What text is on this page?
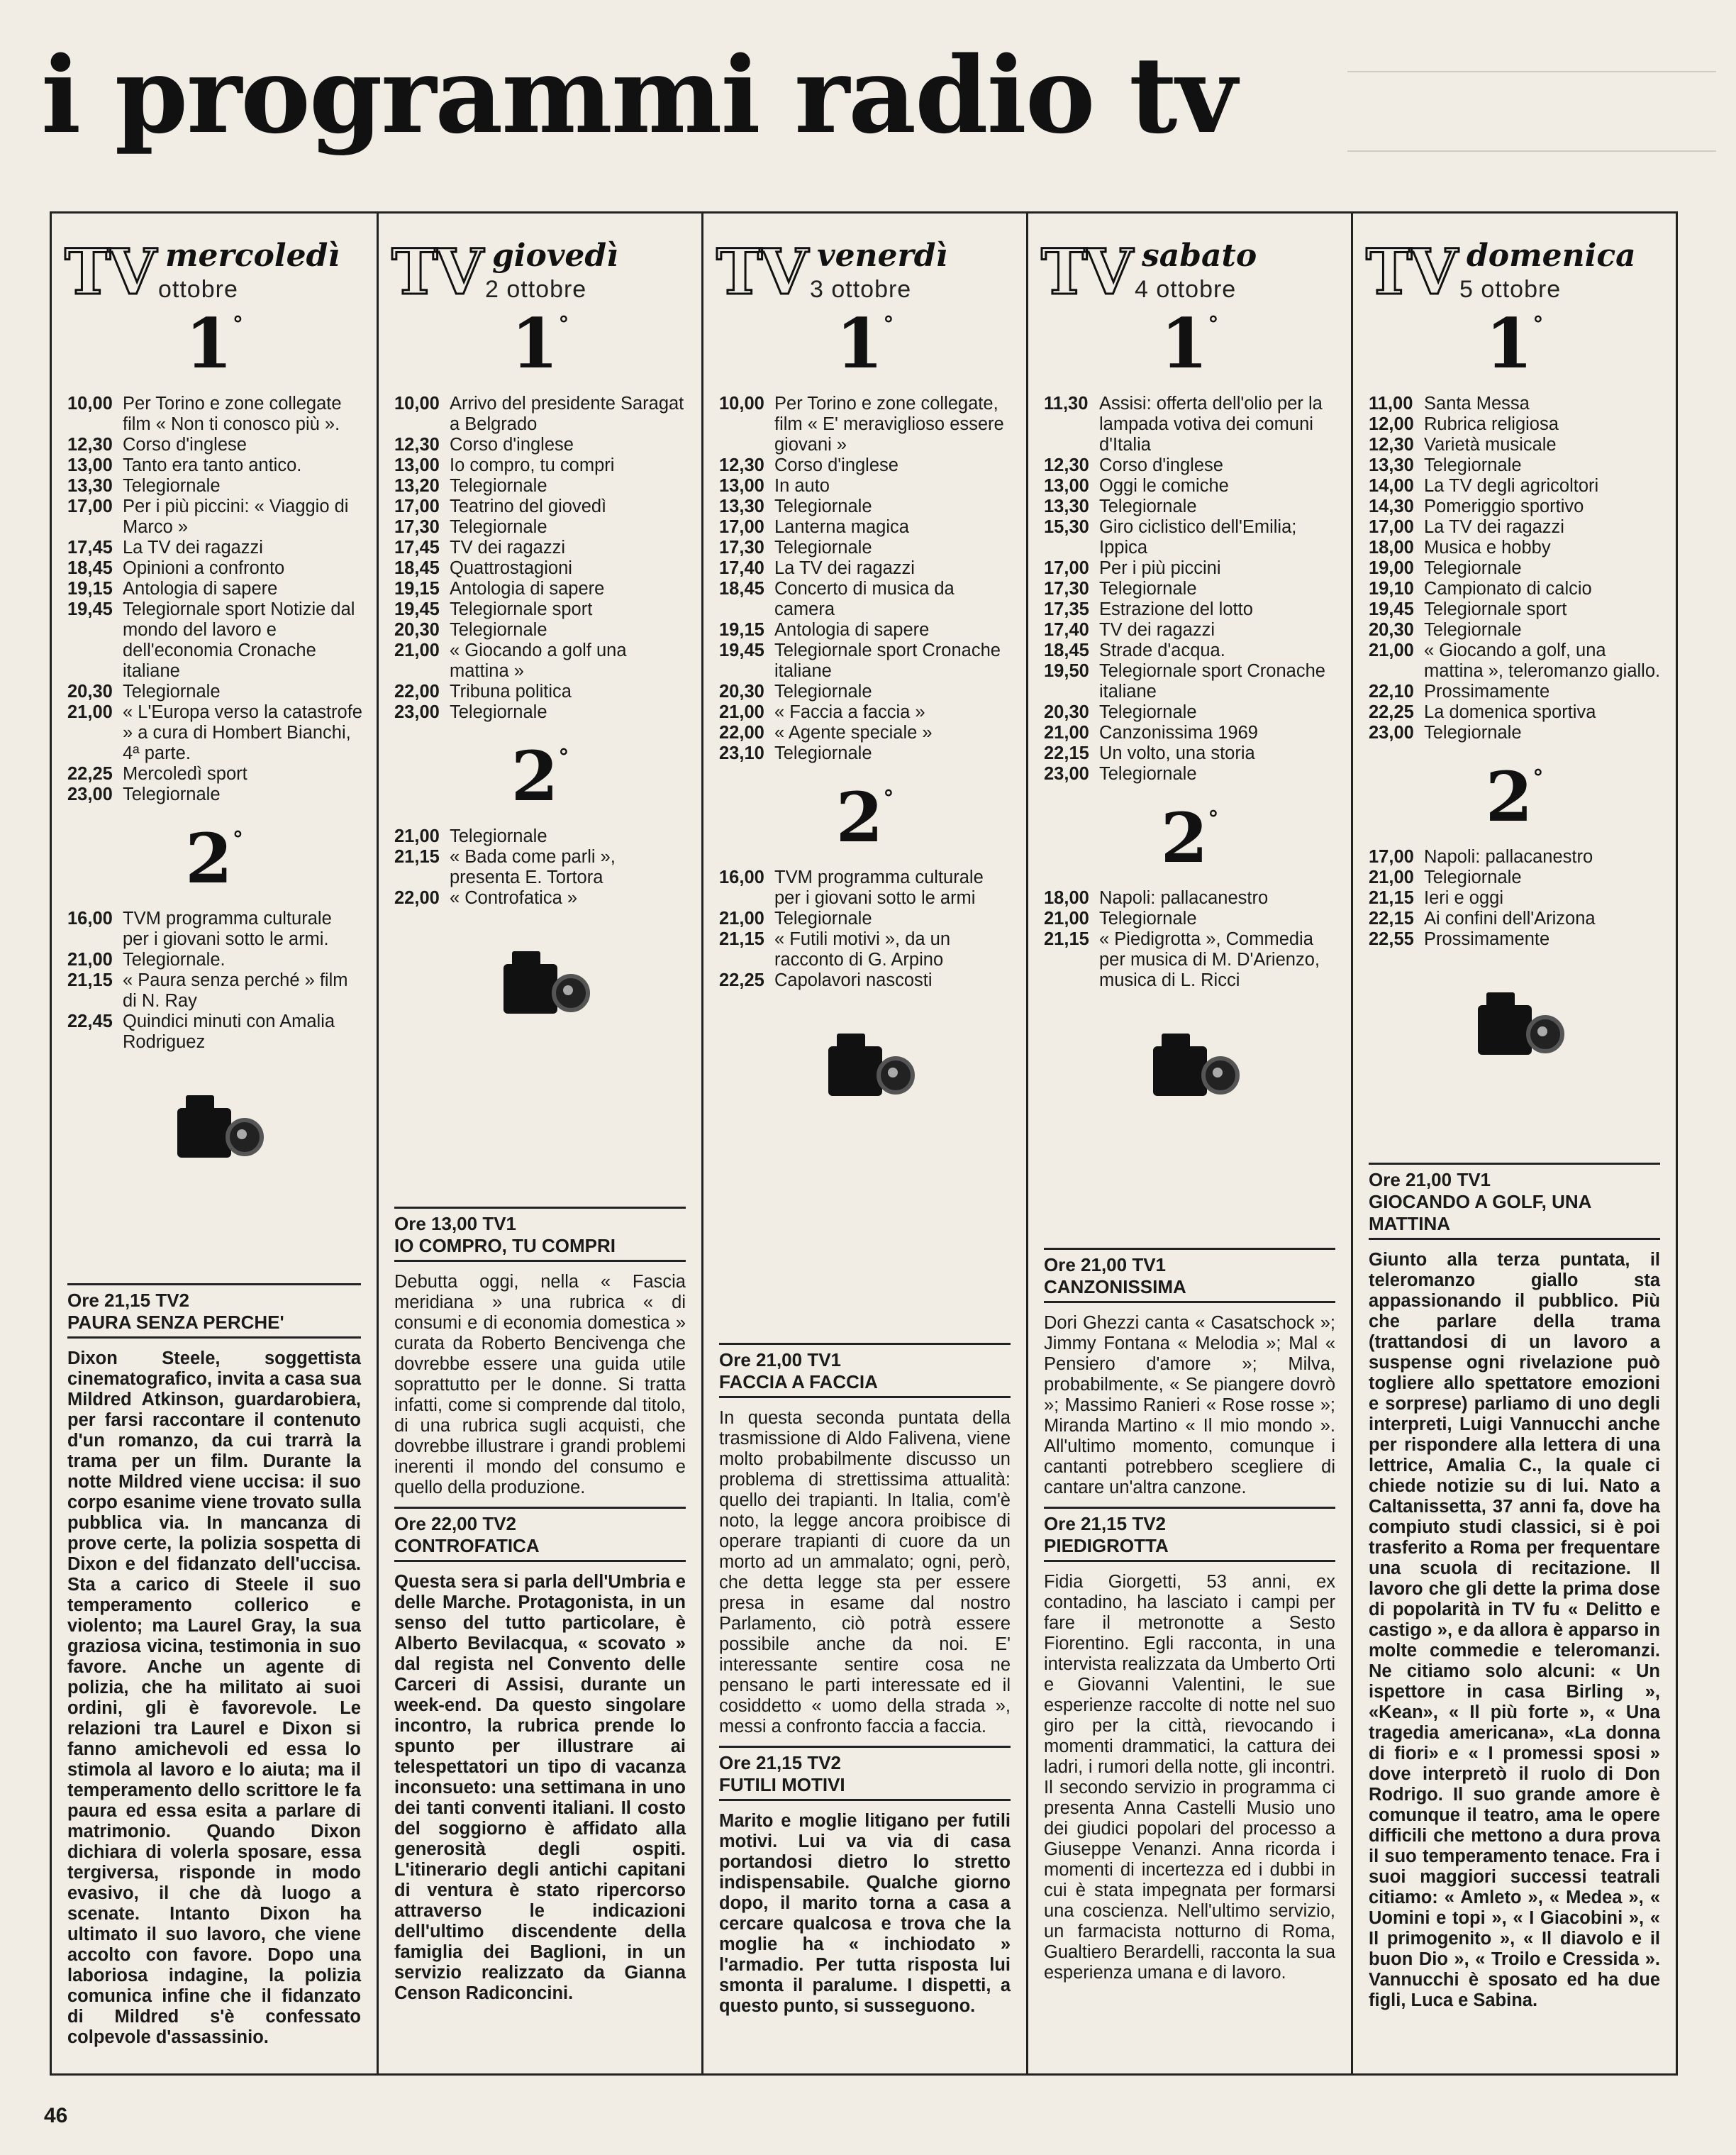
i programmi radio tv
TV mercoledì
ottobre
1°
10,00 Per Torino e zone collegate film « Non ti conosco più ».
12,30 Corso d'inglese
13,00 Tanto era tanto antico.
13,30 Telegiornale
17,00 Per i più piccini: « Viaggio di Marco »
17,45 La TV dei ragazzi
18,45 Opinioni a confronto
19,15 Antologia di sapere
19,45 Telegiornale sport Notizie dal mondo del lavoro e dell'economia Cronache italiane
20,30 Telegiornale
21,00 « L'Europa verso la catastrofe » a cura di Hombert Bianchi, 4ª parte.
22,25 Mercoledì sport
23,00 Telegiornale
2°
16,00 TVM programma culturale per i giovani sotto le armi.
21,00 Telegiornale.
21,15 « Paura senza perché » film di N. Ray
22,45 Quindici minuti con Amalia Rodriguez
Ore 21,15 TV2
PAURA SENZA PERCHE'
Dixon Steele, soggettista cinematografico, invita a casa sua Mildred Atkinson, guardarobiera, per farsi raccontare il contenuto d'un romanzo, da cui trarrà la trama per un film. Durante la notte Mildred viene uccisa: il suo corpo esanime viene trovato sulla pubblica via. In mancanza di prove certe, la polizia sospetta di Dixon e del fidanzato dell'uccisa. Sta a carico di Steele il suo temperamento collerico e violento; ma Laurel Gray, la sua graziosa vicina, testimonia in suo favore. Anche un agente di polizia, che ha militato ai suoi ordini, gli è favorevole. Le relazioni tra Laurel e Dixon si fanno amichevoli ed essa lo stimola al lavoro e lo aiuta; ma il temperamento dello scrittore le fa paura ed essa esita a parlare di matrimonio. Quando Dixon dichiara di volerla sposare, essa tergiversa, risponde in modo evasivo, il che dà luogo a scenate. Intanto Dixon ha ultimato il suo lavoro, che viene accolto con favore. Dopo una laboriosa indagine, la polizia comunica infine che il fidanzato di Mildred s'è confessato colpevole d'assassinio.
TV giovedì
2 ottobre
1°
10,00 Arrivo del presidente Saragat a Belgrado
12,30 Corso d'inglese
13,00 Io compro, tu compri
13,20 Telegiornale
17,00 Teatrino del giovedì
17,30 Telegiornale
17,45 TV dei ragazzi
18,45 Quattrostagioni
19,15 Antologia di sapere
19,45 Telegiornale sport
20,30 Telegiornale
21,00 « Giocando a golf una mattina »
22,00 Tribuna politica
23,00 Telegiornale
2°
21,00 Telegiornale
21,15 « Bada come parli », presenta E. Tortora
22,00 « Controfatica »
Ore 13,00 TV1
IO COMPRO, TU COMPRI
Debutta oggi, nella « Fascia meridiana » una rubrica « di consumi e di economia domestica » curata da Roberto Bencivenga che dovrebbe essere una guida utile soprattutto per le donne. Si tratta infatti, come si comprende dal titolo, di una rubrica sugli acquisti, che dovrebbe illustrare i grandi problemi inerenti il mondo del consumo e quello della produzione.
Ore 22,00 TV2
CONTROFATICA
Questa sera si parla dell'Umbria e delle Marche. Protagonista, in un senso del tutto particolare, è Alberto Bevilacqua, « scovato » dal regista nel Convento delle Carceri di Assisi, durante un week-end. Da questo singolare incontro, la rubrica prende lo spunto per illustrare ai telespettatori un tipo di vacanza inconsueto: una settimana in uno dei tanti conventi italiani. Il costo del soggiorno è affidato alla generosità degli ospiti. L'itinerario degli antichi capitani di ventura è stato ripercorso attraverso le indicazioni dell'ultimo discendente della famiglia dei Baglioni, in un servizio realizzato da Gianna Censon Radiconcini.
TV venerdì
3 ottobre
1°
10,00 Per Torino e zone collegate, film « E' meraviglioso essere giovani »
12,30 Corso d'inglese
13,00 In auto
13,30 Telegiornale
17,00 Lanterna magica
17,30 Telegiornale
17,40 La TV dei ragazzi
18,45 Concerto di musica da camera
19,15 Antologia di sapere
19,45 Telegiornale sport Cronache italiane
20,30 Telegiornale
21,00 « Faccia a faccia »
22,00 « Agente speciale »
23,10 Telegiornale
2°
16,00 TVM programma culturale per i giovani sotto le armi
21,00 Telegiornale
21,15 « Futili motivi », da un racconto di G. Arpino
22,25 Capolavori nascosti
Ore 21,00 TV1
FACCIA A FACCIA
In questa seconda puntata della trasmissione di Aldo Falivena, viene molto probabilmente discusso un problema di strettissima attualità: quello dei trapianti. In Italia, com'è noto, la legge ancora proibisce di operare trapianti di cuore da un morto ad un ammalato; ogni, però, che detta legge sta per essere presa in esame dal nostro Parlamento, ciò potrà essere possibile anche da noi. E' interessante sentire cosa ne pensano le parti interessate ed il cosiddetto « uomo della strada », messi a confronto faccia a faccia.
Ore 21,15 TV2
FUTILI MOTIVI
Marito e moglie litigano per futili motivi. Lui va via di casa portandosi dietro lo stretto indispensabile. Qualche giorno dopo, il marito torna a casa a cercare qualcosa e trova che la moglie ha « inchiodato » l'armadio. Per tutta risposta lui smonta il paralume. I dispetti, a questo punto, si susseguono.
TV sabato
4 ottobre
1°
11,30 Assisi: offerta dell'olio per la lampada votiva dei comuni d'Italia
12,30 Corso d'inglese
13,00 Oggi le comiche
13,30 Telegiornale
15,30 Giro ciclistico dell'Emilia; Ippica
17,00 Per i più piccini
17,30 Telegiornale
17,35 Estrazione del lotto
17,40 TV dei ragazzi
18,45 Strade d'acqua.
19,50 Telegiornale sport Cronache italiane
20,30 Telegiornale
21,00 Canzonissima 1969
22,15 Un volto, una storia
23,00 Telegiornale
2°
18,00 Napoli: pallacanestro
21,00 Telegiornale
21,15 « Piedigrotta », Commedia per musica di M. D'Arienzo, musica di L. Ricci
Ore 21,00 TV1
CANZONISSIMA
Dori Ghezzi canta « Casatschock »; Jimmy Fontana « Melodia »; Mal « Pensiero d'amore »; Milva, probabilmente, « Se piangere dovrò »; Massimo Ranieri « Rose rosse »; Miranda Martino « Il mio mondo ». All'ultimo momento, comunque i cantanti potrebbero scegliere di cantare un'altra canzone.
Ore 21,15 TV2
PIEDIGROTTA
Fidia Giorgetti, 53 anni, ex contadino, ha lasciato i campi per fare il metronotte a Sesto Fiorentino. Egli racconta, in una intervista realizzata da Umberto Orti e Giovanni Valentini, le sue esperienze raccolte di notte nel suo giro per la città, rievocando i momenti drammatici, la cattura dei ladri, i rumori della notte, gli incontri. Il secondo servizio in programma ci presenta Anna Castelli Musio uno dei giudici popolari del processo a Giuseppe Venanzi. Anna ricorda i momenti di incertezza ed i dubbi in cui è stata impegnata per formarsi una coscienza. Nell'ultimo servizio, un farmacista notturno di Roma, Gualtiero Berardelli, racconta la sua esperienza umana e di lavoro.
TV domenica
5 ottobre
1°
11,00 Santa Messa
12,00 Rubrica religiosa
12,30 Varietà musicale
13,30 Telegiornale
14,00 La TV degli agricoltori
14,30 Pomeriggio sportivo
17,00 La TV dei ragazzi
18,00 Musica e hobby
19,00 Telegiornale
19,10 Campionato di calcio
19,45 Telegiornale sport
20,30 Telegiornale
21,00 « Giocando a golf, una mattina », teleromanzo giallo.
22,10 Prossimamente
22,25 La domenica sportiva
23,00 Telegiornale
2°
17,00 Napoli: pallacanestro
21,00 Telegiornale
21,15 Ieri e oggi
22,15 Ai confini dell'Arizona
22,55 Prossimamente
Ore 21,00 TV1
GIOCANDO A GOLF, UNA MATTINA
Giunto alla terza puntata, il teleromanzo giallo sta appassionando il pubblico. Più che parlare della trama (trattandosi di un lavoro a suspense ogni rivelazione può togliere allo spettatore emozioni e sorprese) parliamo di uno degli interpreti, Luigi Vannucchi anche per rispondere alla lettera di una lettrice, Amalia C., la quale ci chiede notizie su di lui. Nato a Caltanissetta, 37 anni fa, dove ha compiuto studi classici, si è poi trasferito a Roma per frequentare una scuola di recitazione. Il lavoro che gli dette la prima dose di popolarità in TV fu « Delitto e castigo », e da allora è apparso in molte commedie e teleromanzi. Ne citiamo solo alcuni: « Un ispettore in casa Birling », «Kean», « Il più forte », « Una tragedia americana», «La donna di fiori» e « I promessi sposi » dove interpretò il ruolo di Don Rodrigo. Il suo grande amore è comunque il teatro, ama le opere difficili che mettono a dura prova il suo temperamento tenace. Fra i suoi maggiori successi teatrali citiamo: « Amleto », « Medea », « Uomini e topi », « I Giacobini », « Il primogenito », « Il diavolo e il buon Dio », « Troilo e Cressida ». Vannucchi è sposato ed ha due figli, Luca e Sabina.
46
